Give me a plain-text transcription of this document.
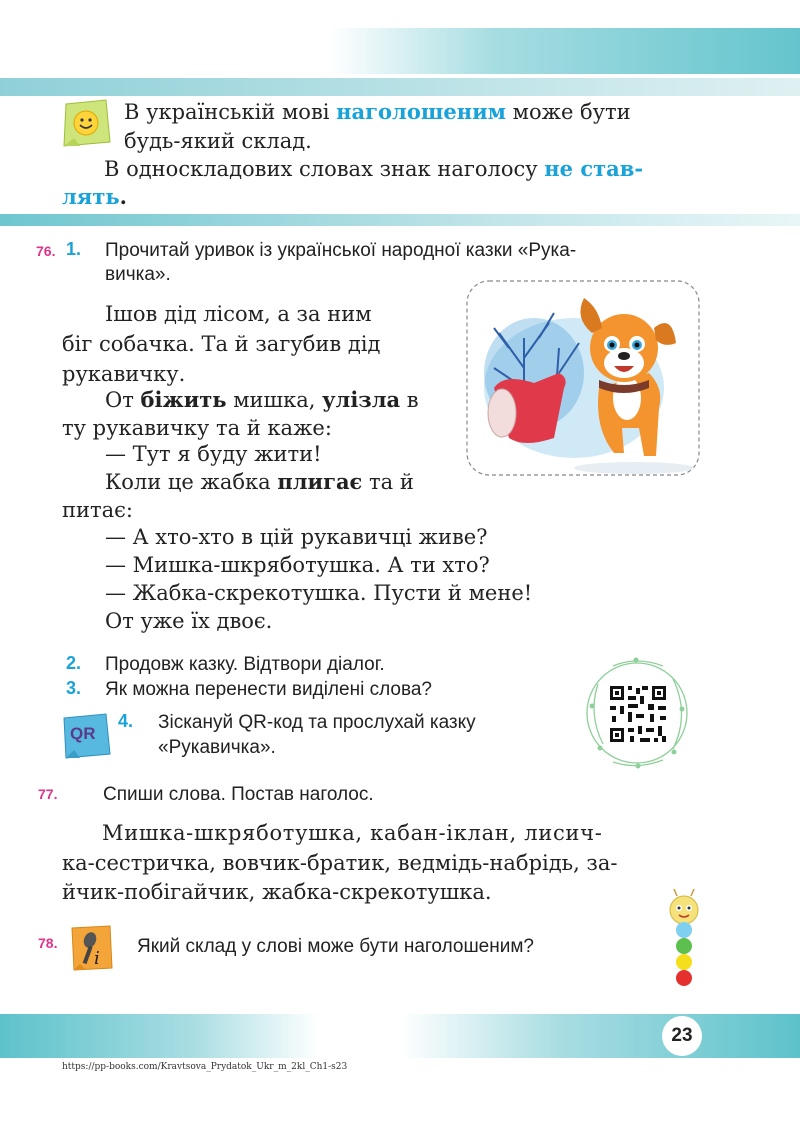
В українській мові наголошеним може бути
будь-який склад.
В односкладових словах знак наголосу не став-
лять.
76. 1. Прочитай уривок із української народної казки «Рука-
вичка».
Ішов дід лісом, а за ним
біг собачка. Та й загубив дід
рукавичку.
От біжить мишка, улізла в
ту рукавичку та й каже:
— Тут я буду жити!
Коли це жабка плигає та й
питає:
— А хто-хто в цій рукавичці живе?
— Мишка-шкряботушка. А ти хто?
— Жабка-скрекотушка. Пусти й мене!
От уже їх двоє.
2. Продовж казку. Відтвори діалог.
3. Як можна перенести виділені слова?
QR
4. Зіскануй QR-код та прослухай казку
«Рукавичка».
77. Спиши слова. Постав наголос.
Мишка-шкряботушка, кабан-іклан, лисич-
ка-сестричка, вовчик-братик, ведмідь-набрідь, за-
йчик-побігайчик, жабка-скрекотушка.
78.
i
Який склад у слові може бути наголошеним?
23
https://pp-books.com/Kravtsova_Prydatok_Ukr_m_2kl_Ch1-s23
